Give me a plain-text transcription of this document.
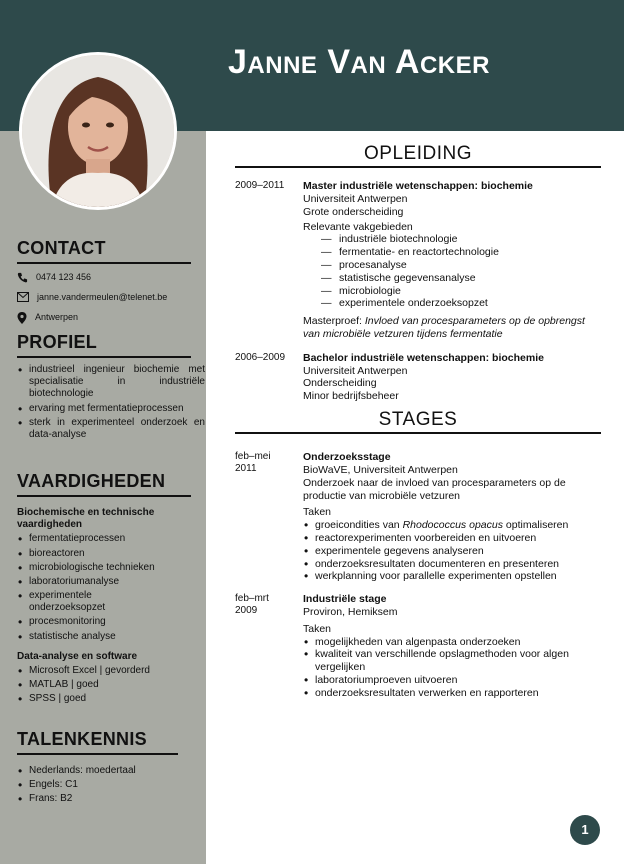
Janne Van Acker
CONTACT
0474 123 456
janne.vandermeulen@telenet.be
Antwerpen
PROFIEL
• industrieel ingenieur biochemie met specialisatie in industriële biotechnologie
• ervaring met fermentatieprocessen
• sterk in experimenteel onderzoek en data-analyse
VAARDIGHEDEN
Biochemische en technische vaardigheden
• fermentatieprocessen
• bioreactoren
• microbiologische technieken
• laboratoriumanalyse
• experimentele onderzoeksopzet
• procesmonitoring
• statistische analyse
Data-analyse en software
• Microsoft Excel | gevorderd
• MATLAB | goed
• SPSS | goed
TALENKENNIS
• Nederlands: moedertaal
• Engels: C1
• Frans: B2
OPLEIDING
2009–2011	Master industriële wetenschappen: biochemie
Universiteit Antwerpen
Grote onderscheiding
Relevante vakgebieden
— industriële biotechnologie
— fermentatie- en reactortechnologie
— procesanalyse
— statistische gegevensanalyse
— microbiologie
— experimentele onderzoeksopzet
Masterproef: Invloed van procesparameters op de opbrengst van microbiële vetzuren tijdens fermentatie
2006–2009	Bachelor industriële wetenschappen: biochemie
Universiteit Antwerpen
Onderscheiding
Minor bedrijfsbeheer
STAGES
feb–mei
2011
Onderzoeksstage
BioWaVE, Universiteit Antwerpen
Onderzoek naar de invloed van procesparameters op de productie van microbiële vetzuren
Taken
• groeicondities van Rhodococcus opacus optimaliseren
• reactorexperimenten voorbereiden en uitvoeren
• experimentele gegevens analyseren
• onderzoeksresultaten documenteren en presenteren
• werkplanning voor parallelle experimenten opstellen
feb–mrt
2009
Industriële stage
Proviron, Hemiksem
Taken
• mogelijkheden van algenpasta onderzoeken
• kwaliteit van verschillende opslagmethoden voor algen vergelijken
• laboratoriumproeven uitvoeren
• onderzoeksresultaten verwerken en rapporteren
1
